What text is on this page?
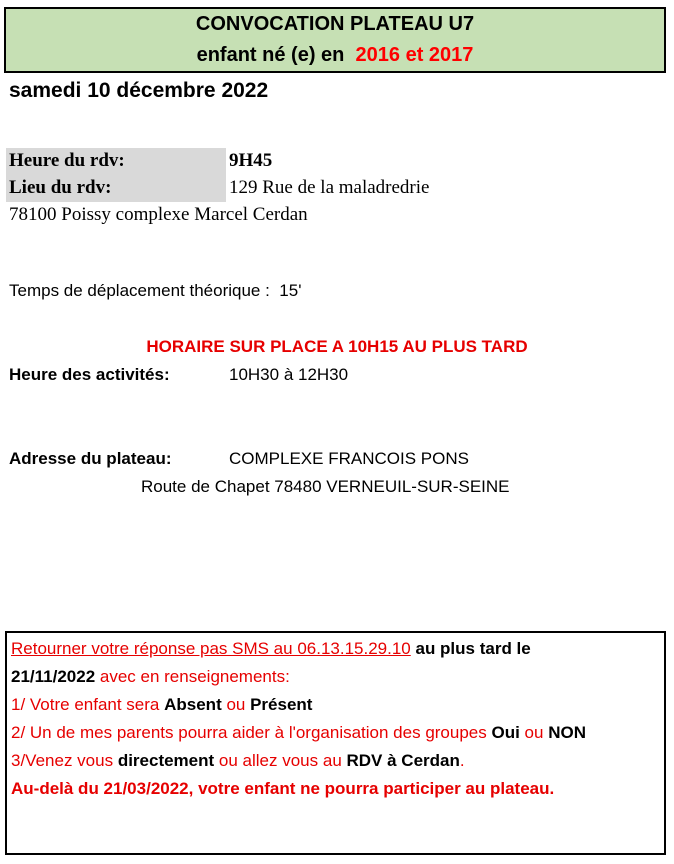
CONVOCATION PLATEAU U7
enfant né (e) en 2016 et 2017
samedi 10 décembre 2022
Heure du rdv:	9H45
Lieu du rdv:	129 Rue de la maladredrie
78100 Poissy complexe Marcel Cerdan
Temps de déplacement théorique : 15'
HORAIRE SUR PLACE A 10H15 AU PLUS TARD
Heure des activités:	10H30 à 12H30
Adresse du plateau:	COMPLEXE FRANCOIS PONS
Route de Chapet 78480 VERNEUIL-SUR-SEINE
Retourner votre réponse pas SMS au 06.13.15.29.10 au plus tard le
21/11/2022 avec en renseignements:
1/ Votre enfant sera Absent ou Présent
2/ Un de mes parents pourra aider à l'organisation des groupes Oui ou NON
3/Venez vous directement ou allez vous au RDV à Cerdan.
Au-delà du 21/03/2022, votre enfant ne pourra participer au plateau.
